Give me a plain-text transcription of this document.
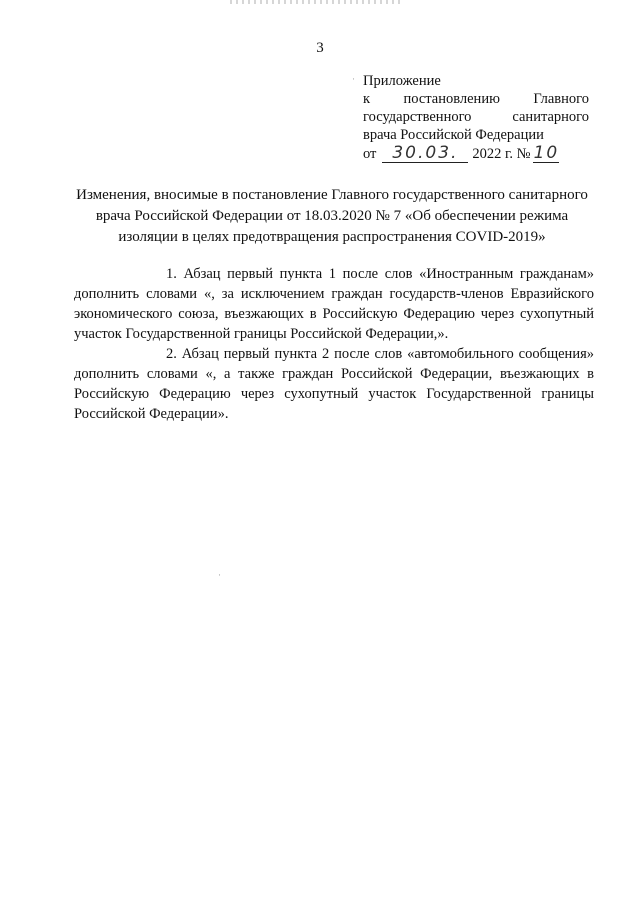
3
Приложение
к постановлению Главного
государственного санитарного
врача Российской Федерации
от 30.03. 2022 г. № 10
Изменения, вносимые в постановление Главного государственного санитарного врача Российской Федерации от 18.03.2020 № 7 «Об обеспечении режима изоляции в целях предотвращения распространения COVID-2019»

1. Абзац первый пункта 1 после слов «Иностранным гражданам» дополнить словами «, за исключением граждан государств-членов Евразийского экономического союза, въезжающих в Российскую Федерацию через сухопутный участок Государственной границы Российской Федерации,».

2. Абзац первый пункта 2 после слов «автомобильного сообщения» дополнить словами «, а также граждан Российской Федерации, въезжающих в Российскую Федерацию через сухопутный участок Государственной границы Российской Федерации».

·
·
